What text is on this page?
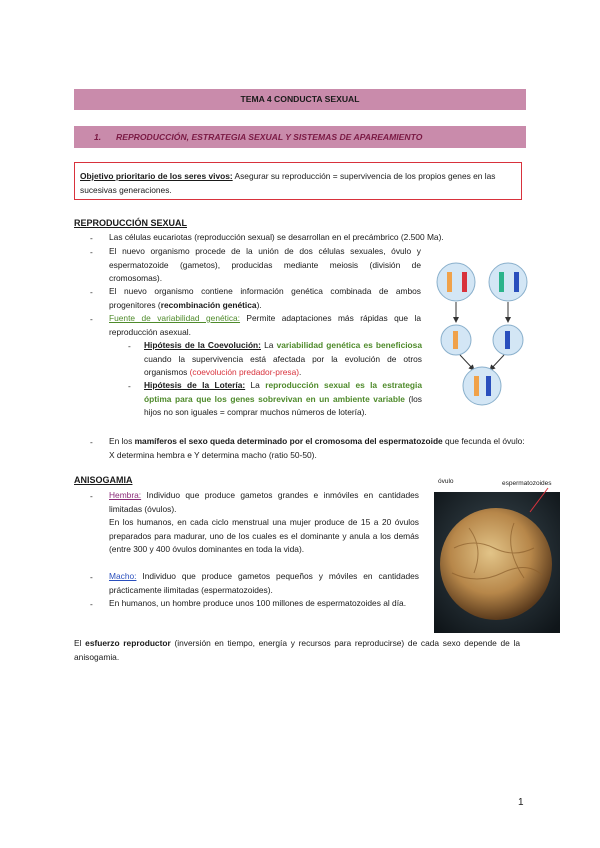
TEMA 4 CONDUCTA SEXUAL
1. REPRODUCCIÓN, ESTRATEGIA SEXUAL Y SISTEMAS DE APAREAMIENTO
Objetivo prioritario de los seres vivos: Asegurar su reproducción = supervivencia de los propios genes en las sucesivas generaciones.
REPRODUCCIÓN SEXUAL
- Las células eucariotas (reproducción sexual) se desarrollan en el precámbrico (2.500 Ma).
- El nuevo organismo procede de la unión de dos células sexuales, óvulo y espermatozoide (gametos), producidas mediante meiosis (división de cromosomas).
- El nuevo organismo contiene información genética combinada de ambos progenitores (recombinación genética).
- Fuente de variabilidad genética: Permite adaptaciones más rápidas que la reproducción asexual.
- Hipótesis de la Coevolución: La variabilidad genética es beneficiosa cuando la supervivencia está afectada por la evolución de otros organismos (coevolución predador-presa).
- Hipótesis de la Lotería: La reproducción sexual es la estrategia óptima para que los genes sobrevivan en un ambiente variable (los hijos no son iguales = comprar muchos números de lotería).
- En los mamíferos el sexo queda determinado por el cromosoma del espermatozoide que fecunda el óvulo: X determina hembra e Y determina macho (ratio 50-50).
ANISOGAMIA
- Hembra: Individuo que produce gametos grandes e inmóviles en cantidades limitadas (óvulos).
En los humanos, en cada ciclo menstrual una mujer produce de 15 a 20 óvulos preparados para madurar, uno de los cuales es el dominante y anula a los demás (entre 300 y 400 óvulos dominantes en toda la vida).
- Macho: Individuo que produce gametos pequeños y móviles en cantidades prácticamente ilimitadas (espermatozoides).
- En humanos, un hombre produce unos 100 millones de espermatozoides al día.
óvulo	espermatozoides
El esfuerzo reproductor (inversión en tiempo, energía y recursos para reproducirse) de cada sexo depende de la anisogamia.
1
